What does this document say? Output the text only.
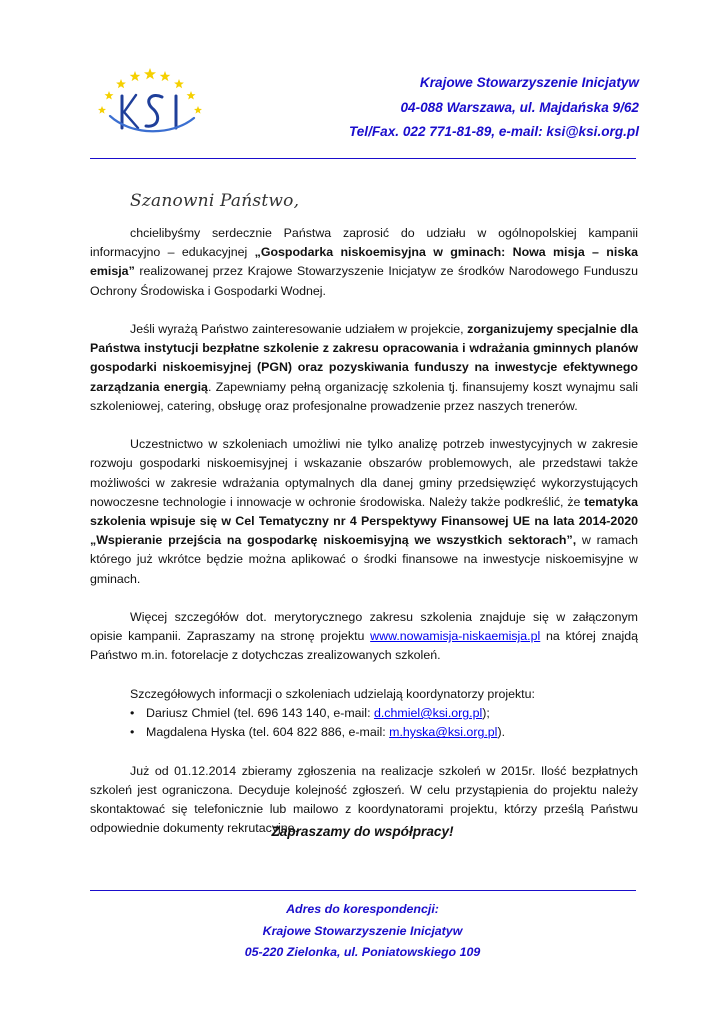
Krajowe Stowarzyszenie Inicjatyw
04-088 Warszawa, ul. Majdańska 9/62
Tel/Fax. 022 771-81-89, e-mail: ksi@ksi.org.pl
Szanowni Państwo,

chcielibyśmy serdecznie Państwa zaprosić do udziału w ogólnopolskiej kampanii informacyjno – edukacyjnej „Gospodarka niskoemisyjna w gminach: Nowa misja – niska emisja” realizowanej przez Krajowe Stowarzyszenie Inicjatyw ze środków Narodowego Funduszu Ochrony Środowiska i Gospodarki Wodnej.

Jeśli wyrażą Państwo zainteresowanie udziałem w projekcie, zorganizujemy specjalnie dla Państwa instytucji bezpłatne szkolenie z zakresu opracowania i wdrażania gminnych planów gospodarki niskoemisyjnej (PGN) oraz pozyskiwania funduszy na inwestycje efektywnego zarządzania energią. Zapewniamy pełną organizację szkolenia tj. finansujemy koszt wynajmu sali szkoleniowej, catering, obsługę oraz profesjonalne prowadzenie przez naszych trenerów.

Uczestnictwo w szkoleniach umożliwi nie tylko analizę potrzeb inwestycyjnych w zakresie rozwoju gospodarki niskoemisyjnej i wskazanie obszarów problemowych, ale przedstawi także możliwości w zakresie wdrażania optymalnych dla danej gminy przedsięwzięć wykorzystujących nowoczesne technologie i innowacje w ochronie środowiska. Należy także podkreślić, że tematyka szkolenia wpisuje się w Cel Tematyczny nr 4 Perspektywy Finansowej UE na lata 2014-2020 „Wspieranie przejścia na gospodarkę niskoemisyjną we wszystkich sektorach”, w ramach którego już wkrótce będzie można aplikować o środki finansowe na inwestycje niskoemisyjne w gminach.

Więcej szczegółów dot. merytorycznego zakresu szkolenia znajduje się w załączonym opisie kampanii. Zapraszamy na stronę projektu www.nowamisja-niskaemisja.pl na której znajdą Państwo m.in. fotorelacje z dotychczas zrealizowanych szkoleń.

Szczegółowych informacji o szkoleniach udzielają koordynatorzy projektu:

• Dariusz Chmiel (tel. 696 143 140, e-mail: d.chmiel@ksi.org.pl);
• Magdalena Hyska (tel. 604 822 886, e-mail: m.hyska@ksi.org.pl).

Już od 01.12.2014 zbieramy zgłoszenia na realizacje szkoleń w 2015r. Ilość bezpłatnych szkoleń jest ograniczona. Decyduje kolejność zgłoszeń. W celu przystąpienia do projektu należy skontaktować się telefonicznie lub mailowo z koordynatorami projektu, którzy prześlą Państwu odpowiednie dokumenty rekrutacyjne.

Zapraszamy do współpracy!
Adres do korespondencji:
Krajowe Stowarzyszenie Inicjatyw
05-220 Zielonka, ul. Poniatowskiego 109
